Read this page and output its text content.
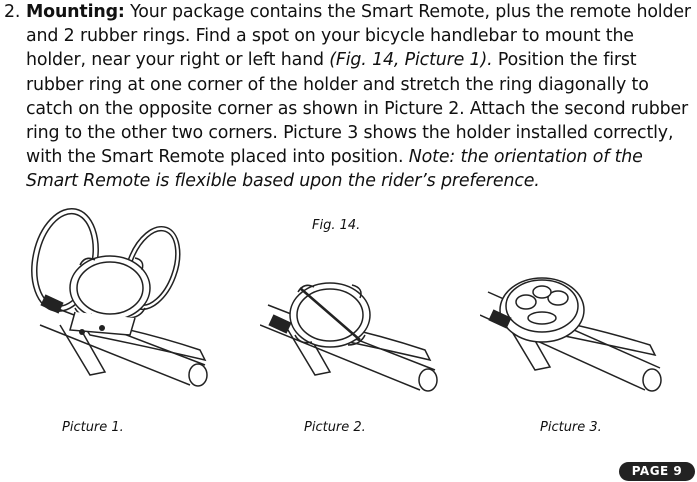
2. Mounting: Your package contains the Smart Remote, plus the remote holder and 2 rubber rings. Find a spot on your bicycle handlebar to mount the holder, near your right or left hand (Fig. 14, Picture 1). Position the first rubber ring at one corner of the holder and stretch the ring diagonally to catch on the opposite corner as shown in Picture 2. Attach the second rubber ring to the other two corners. Picture 3 shows the holder installed correctly, with the Smart Remote placed into position. Note: the orientation of the Smart Remote is flexible based upon the rider’s preference.
Fig. 14.
Picture 1.	Picture 2.	Picture 3.
PAGE 9
